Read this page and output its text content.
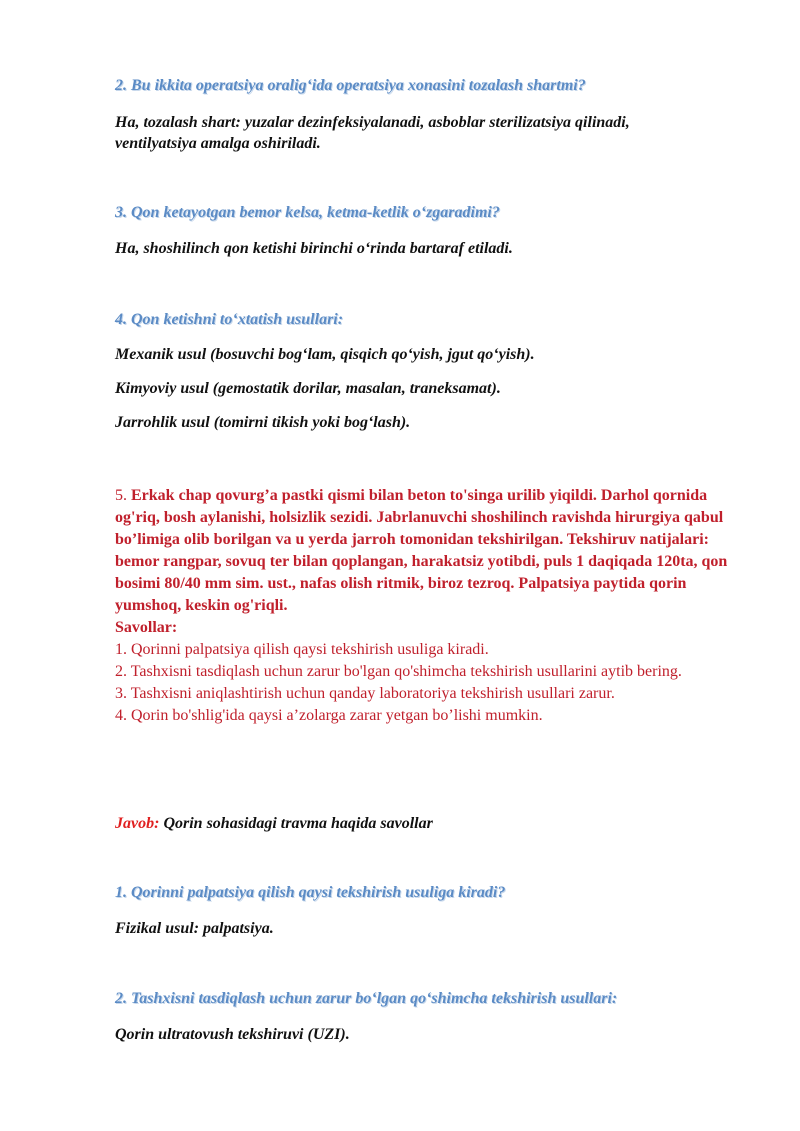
2. Bu ikkita operatsiya oralig‘ida operatsiya xonasini tozalash shartmi?
Ha, tozalash shart: yuzalar dezinfeksiyalanadi, asboblar sterilizatsiya qilinadi,
ventilyatsiya amalga oshiriladi.
3. Qon ketayotgan bemor kelsa, ketma-ketlik o‘zgaradimi?
Ha, shoshilinch qon ketishi birinchi o‘rinda bartaraf etiladi.
4. Qon ketishni to‘xtatish usullari:
Mexanik usul (bosuvchi bog‘lam, qisqich qo‘yish, jgut qo‘yish).
Kimyoviy usul (gemostatik dorilar, masalan, traneksamat).
Jarrohlik usul (tomirni tikish yoki bog‘lash).
5. Erkak chap qovurg’a pastki qismi bilan beton to'singa urilib yiqildi. Darhol qornida og'riq, bosh aylanishi, holsizlik sezidi. Jabrlanuvchi shoshilinch ravishda hirurgiya qabul bo’limiga olib borilgan va u yerda jarroh tomonidan tekshirilgan. Tekshiruv natijalari: bemor rangpar, sovuq ter bilan qoplangan, harakatsiz yotibdi, puls 1 daqiqada 120ta, qon bosimi 80/40 mm sim. ust., nafas olish ritmik, biroz tezroq. Palpatsiya paytida qorin yumshoq, keskin og'riqli.
Savollar:
1. Qorinni palpatsiya qilish qaysi tekshirish usuliga kiradi.
2. Tashxisni tasdiqlash uchun zarur bo'lgan qo'shimcha tekshirish usullarini aytib bering.
3. Tashxisni aniqlashtirish uchun qanday laboratoriya tekshirish usullari zarur.
4. Qorin bo'shlig'ida qaysi a’zolarga zarar yetgan bo’lishi mumkin.
Javob: Qorin sohasidagi travma haqida savollar
1. Qorinni palpatsiya qilish qaysi tekshirish usuliga kiradi?
Fizikal usul: palpatsiya.
2. Tashxisni tasdiqlash uchun zarur bo‘lgan qo‘shimcha tekshirish usullari:
Qorin ultratovush tekshiruvi (UZI).
